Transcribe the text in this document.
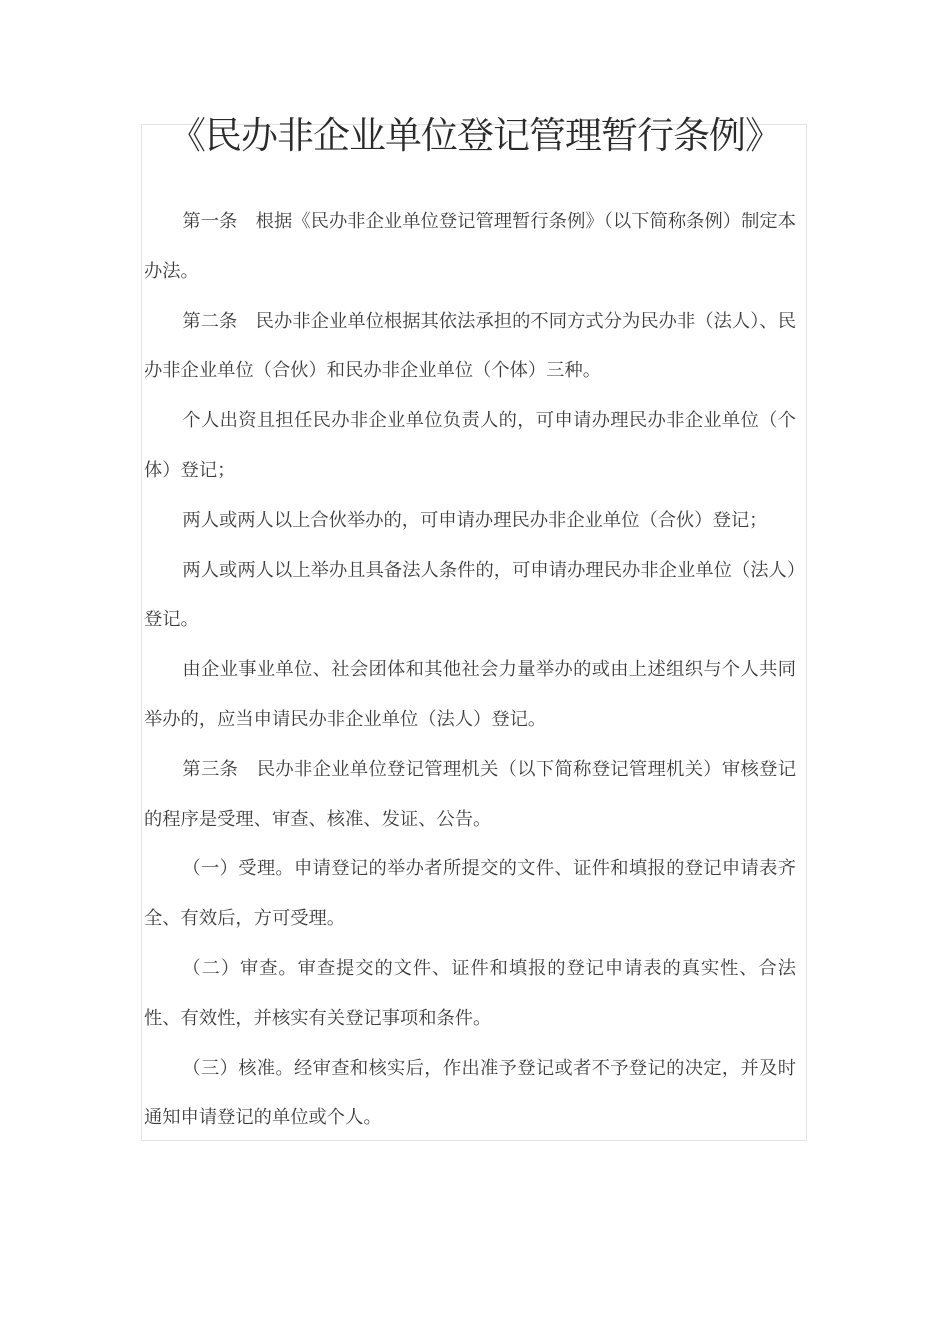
《民办非企业单位登记管理暂行条例》

第一条　根据《民办非企业单位登记管理暂行条例》（以下简称条例）制定本办法。

第二条　民办非企业单位根据其依法承担的不同方式分为民办非（法人）、民办非企业单位（合伙）和民办非企业单位（个体）三种。

个人出资且担任民办非企业单位负责人的，可申请办理民办非企业单位（个体）登记；

两人或两人以上合伙举办的，可申请办理民办非企业单位（合伙）登记；

两人或两人以上举办且具备法人条件的，可申请办理民办非企业单位（法人）登记。

由企业事业单位、社会团体和其他社会力量举办的或由上述组织与个人共同举办的，应当申请民办非企业单位（法人）登记。

第三条　民办非企业单位登记管理机关（以下简称登记管理机关）审核登记的程序是受理、审查、核准、发证、公告。

（一）受理。申请登记的举办者所提交的文件、证件和填报的登记申请表齐全、有效后，方可受理。

（二）审查。审查提交的文件、证件和填报的登记申请表的真实性、合法性、有效性，并核实有关登记事项和条件。

（三）核准。经审查和核实后，作出准予登记或者不予登记的决定，并及时通知申请登记的单位或个人。
